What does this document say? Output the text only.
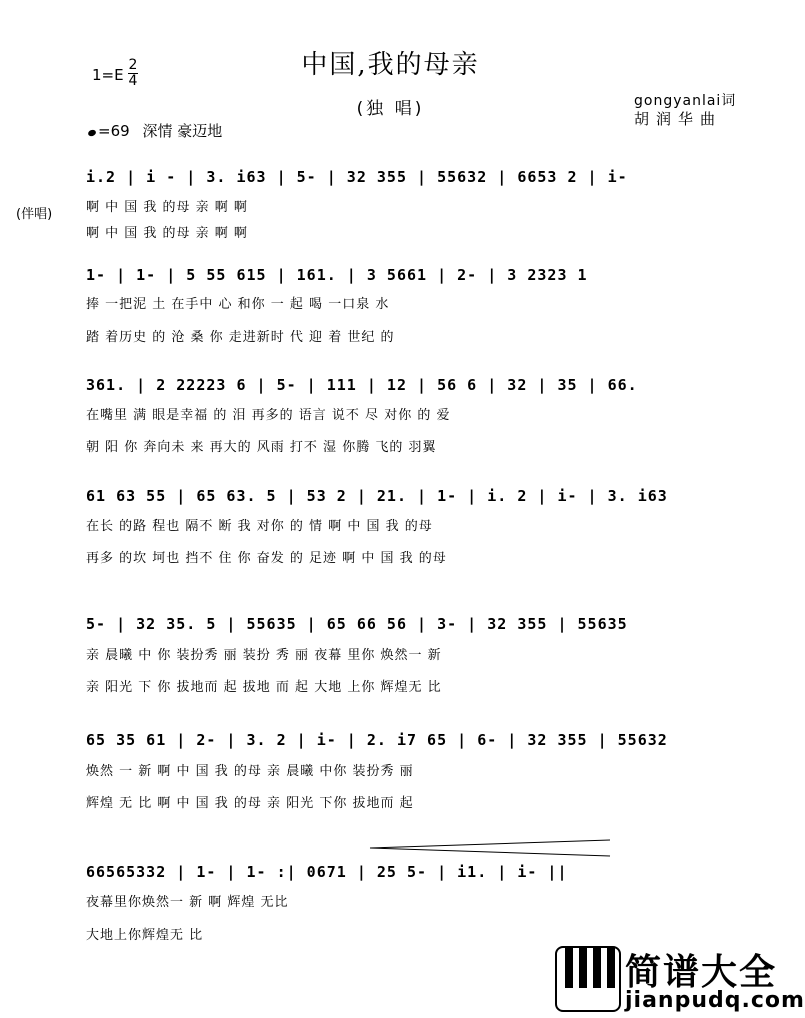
中国,我的母亲
(独 唱)
1=E
2
4
=69 深情 豪迈地
gongyanlai词
胡润华曲
(伴唱)
i.2 | i - | 3. i63 | 5- | 32 355 | 55632 | 6653 2 | i-
啊 中 国 我 的母 亲 啊 啊
啊 中 国 我 的母 亲 啊 啊
1- | 1- | 5 55 615 | 161. | 3 5661 | 2- | 3 2323 1
捧 一把泥 土 在手中 心 和你 一 起 喝 一口泉 水
踏 着历史 的 沧 桑 你 走进新时 代 迎 着 世纪 的
361. | 2 22223 6 | 5- | 111 | 12 | 56 6 | 32 | 35 | 66.
在嘴里 满 眼是幸福 的 泪 再多的 语言 说不 尽 对你 的 爱
朝 阳 你 奔向未 来 再大的 风雨 打不 湿 你腾 飞的 羽翼
61 63 55 | 65 63. 5 | 53 2 | 21. | 1- | i. 2 | i- | 3. i63
在长 的路 程也 隔不 断 我 对你 的 情 啊 中 国 我 的母
再多 的坎 坷也 挡不 住 你 奋发 的 足迹 啊 中 国 我 的母
5- | 32 35. 5 | 55635 | 65 66 56 | 3- | 32 355 | 55635
亲 晨曦 中 你 装扮秀 丽 装扮 秀 丽 夜幕 里你 焕然一 新
亲 阳光 下 你 拔地而 起 拔地 而 起 大地 上你 辉煌无 比
65 35 61 | 2- | 3. 2 | i- | 2. i7 65 | 6- | 32 355 | 55632
焕然 一 新 啊 中 国 我 的母 亲 晨曦 中你 装扮秀 丽
辉煌 无 比 啊 中 国 我 的母 亲 阳光 下你 拔地而 起
66565332 | 1- | 1- :| 0671 | 25 5- | i1. | i- ||
夜幕里你焕然一 新 啊 辉煌 无比
大地上你辉煌无 比
简谱大全
jianpudq.com
